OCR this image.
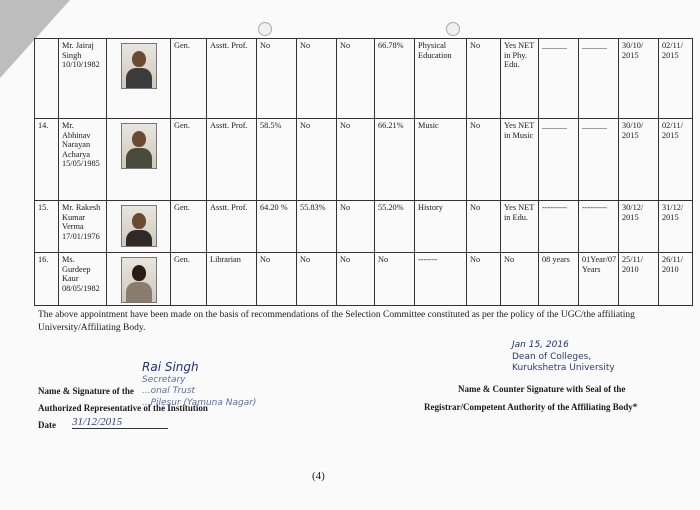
	Mr. Jairaj Singh 10/10/1982		Gen.	Asstt. Prof.	No	No	No	66.78%	Physical Education	No	Yes NET in Phy. Edu.	______	______	30/10/ 2015	02/11/ 2015
14.	Mr. Abhinav Narayan Acharya 15/05/1985		Gen.	Asstt. Prof.	58.5%	No	No	66.21%	Music	No	Yes NET in Music	______	______	30/10/ 2015	02/11/ 2015
15.	Mr. Rakesh Kumar Verma 17/01/1976		Gen.	Asstt. Prof.	64.20 %	55.83%	No	55.20%	History	No	Yes NET in Edu.	---------	---------	30/12/ 2015	31/12/ 2015
16.	Ms. Gurdeep Kaur 08/05/1982		Gen.	Librarian	No	No	No	No	-------	No	No	08 years	01Year/07 Years	25/11/ 2010	26/11/ 2010
The above appointment have been made on the basis of recommendations of the Selection Committee constituted as per the policy of the UGC/the affiliating University/Affiliating Body.
Rai Singh
Secretary
...onal Trust
...Pilesur (Yamuna Nagar)
Name & Signature of the
Authorized Representative of the Institution
Date 31/12/2015
Jan 15, 2016
Dean of Colleges,
Kurukshetra University
Name & Counter Signature with Seal of the
Registrar/Competent Authority of the Affiliating Body*
(4)
